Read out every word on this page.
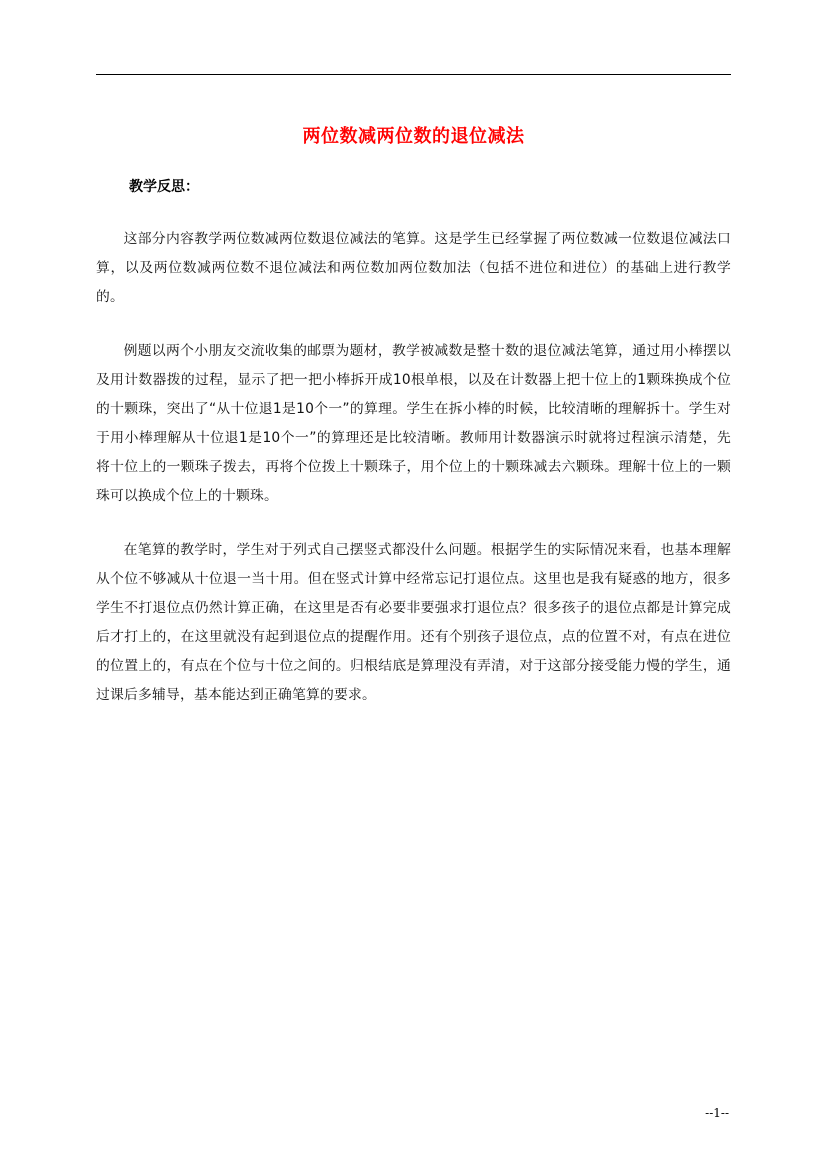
两位数减两位数的退位减法
教学反思：

这部分内容教学两位数减两位数退位减法的笔算。这是学生已经掌握了两位数减一位数退位减法口算，以及两位数减两位数不退位减法和两位数加两位数加法（包括不进位和进位）的基础上进行教学的。

例题以两个小朋友交流收集的邮票为题材，教学被减数是整十数的退位减法笔算，通过用小棒摆以及用计数器拨的过程，显示了把一把小棒拆开成10根单根，以及在计数器上把十位上的1颗珠换成个位的十颗珠，突出了“从十位退1是10个一”的算理。学生在拆小棒的时候，比较清晰的理解拆十。学生对于用小棒理解从十位退1是10个一”的算理还是比较清晰。教师用计数器演示时就将过程演示清楚，先将十位上的一颗珠子拨去，再将个位拨上十颗珠子，用个位上的十颗珠减去六颗珠。理解十位上的一颗珠可以换成个位上的十颗珠。

在笔算的教学时，学生对于列式自己摆竖式都没什么问题。根据学生的实际情况来看，也基本理解从个位不够减从十位退一当十用。但在竖式计算中经常忘记打退位点。这里也是我有疑惑的地方，很多学生不打退位点仍然计算正确，在这里是否有必要非要强求打退位点？很多孩子的退位点都是计算完成后才打上的，在这里就没有起到退位点的提醒作用。还有个别孩子退位点，点的位置不对，有点在进位的位置上的，有点在个位与十位之间的。归根结底是算理没有弄清，对于这部分接受能力慢的学生，通过课后多辅导，基本能达到正确笔算的要求。

--1--
